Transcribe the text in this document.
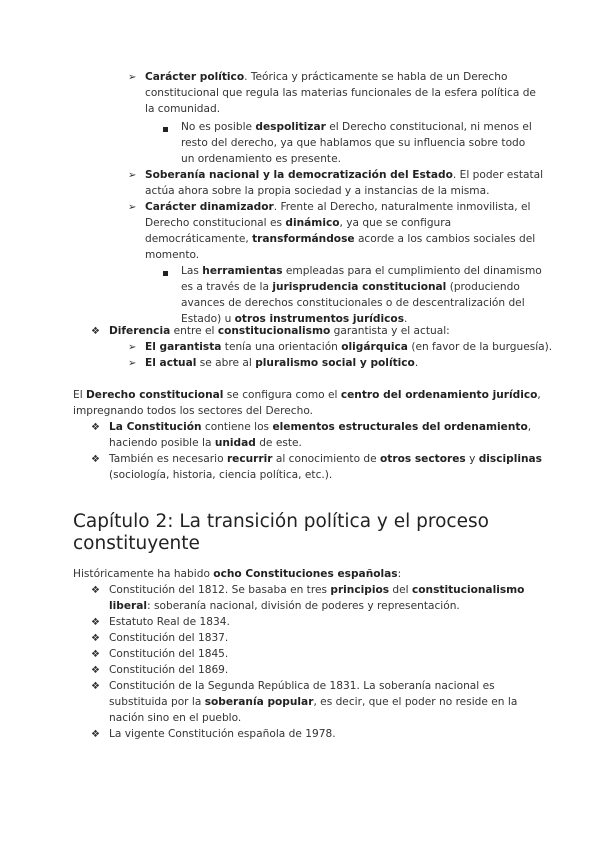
➢ Carácter político. Teórica y prácticamente se habla de un Derecho
constitucional que regula las materias funcionales de la esfera política de
la comunidad.
No es posible despolitizar el Derecho constitucional, ni menos el
resto del derecho, ya que hablamos que su influencia sobre todo
un ordenamiento es presente.
➢ Soberanía nacional y la democratización del Estado. El poder estatal
actúa ahora sobre la propia sociedad y a instancias de la misma.
➢ Carácter dinamizador. Frente al Derecho, naturalmente inmovilista, el
Derecho constitucional es dinámico, ya que se configura
democráticamente, transformándose acorde a los cambios sociales del
momento.
Las herramientas empleadas para el cumplimiento del dinamismo
es a través de la jurisprudencia constitucional (produciendo
avances de derechos constitucionales o de descentralización del
Estado) u otros instrumentos jurídicos.
❖ Diferencia entre el constitucionalismo garantista y el actual:
➢ El garantista tenía una orientación oligárquica (en favor de la burguesía).
➢ El actual se abre al pluralismo social y político.
El Derecho constitucional se configura como el centro del ordenamiento jurídico,
impregnando todos los sectores del Derecho.
❖ La Constitución contiene los elementos estructurales del ordenamiento,
haciendo posible la unidad de este.
❖ También es necesario recurrir al conocimiento de otros sectores y disciplinas
(sociología, historia, ciencia política, etc.).
Capítulo 2: La transición política y el proceso
constituyente
Históricamente ha habido ocho Constituciones españolas:
❖ Constitución del 1812. Se basaba en tres principios del constitucionalismo
liberal: soberanía nacional, división de poderes y representación.
❖ Estatuto Real de 1834.
❖ Constitución del 1837.
❖ Constitución del 1845.
❖ Constitución del 1869.
❖ Constitución de la Segunda República de 1831. La soberanía nacional es
substituida por la soberanía popular, es decir, que el poder no reside en la
nación sino en el pueblo.
❖ La vigente Constitución española de 1978.
